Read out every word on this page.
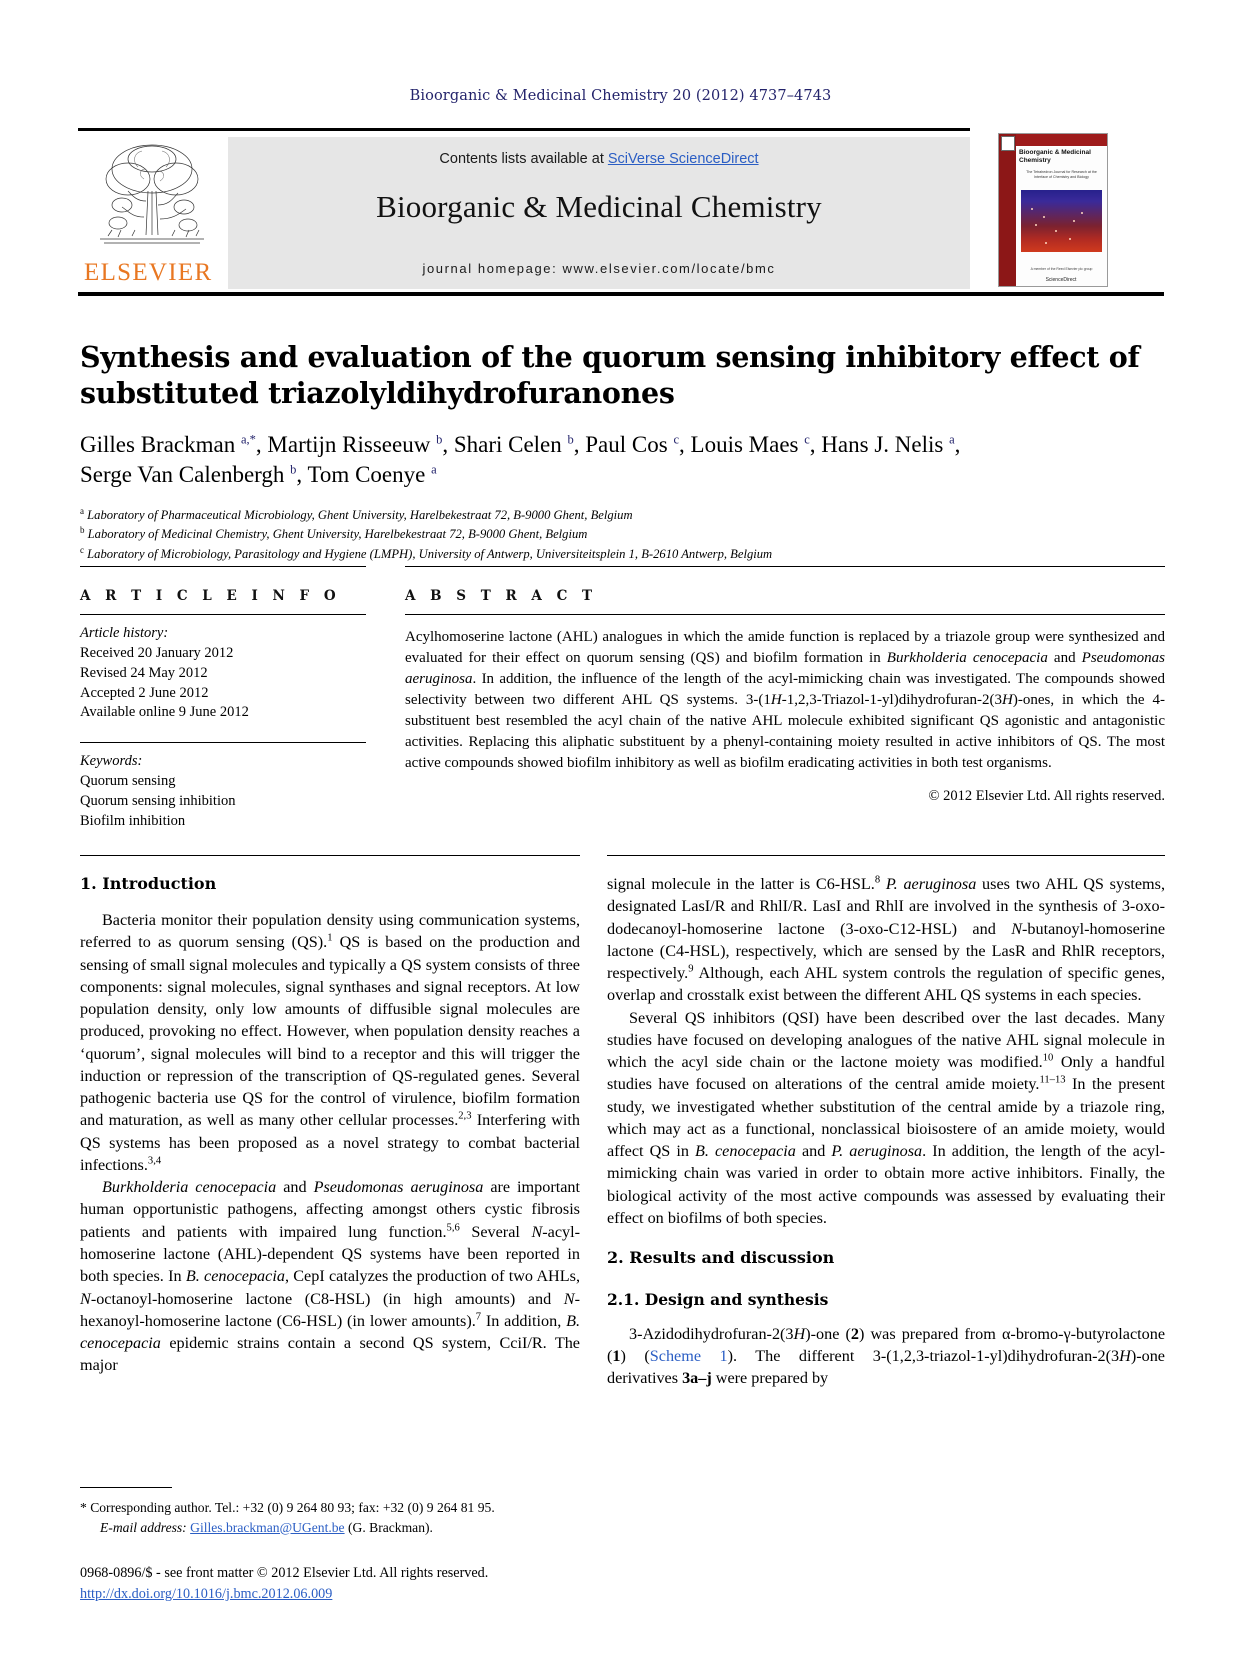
Bioorganic & Medicinal Chemistry 20 (2012) 4737–4743
ELSEVIER
Contents lists available at SciVerse ScienceDirect
Bioorganic & Medicinal Chemistry
journal homepage: www.elsevier.com/locate/bmc
Bioorganic & Medicinal Chemistry
The Tetrahedron Journal for Research at the Interface of Chemistry and Biology
A member of the Reed Elsevier plc group
ScienceDirect
Synthesis and evaluation of the quorum sensing inhibitory effect of substituted triazolyldihydrofuranones
Gilles Brackman $^{a,*}$, Martijn Risseeuw $^b$, Shari Celen $^b$, Paul Cos $^c$, Louis Maes $^c$, Hans J. Nelis $^a$,
Serge Van Calenbergh $^b$, Tom Coenye $^a$
$^a$ Laboratory of Pharmaceutical Microbiology, Ghent University, Harelbekestraat 72, B-9000 Ghent, Belgium
$^b$ Laboratory of Medicinal Chemistry, Ghent University, Harelbekestraat 72, B-9000 Ghent, Belgium
$^c$ Laboratory of Microbiology, Parasitology and Hygiene (LMPH), University of Antwerp, Universiteitsplein 1, B-2610 Antwerp, Belgium
A R T I C L E I N F O
Article history:
Received 20 January 2012
Revised 24 May 2012
Accepted 2 June 2012
Available online 9 June 2012
Keywords:
Quorum sensing
Quorum sensing inhibition
Biofilm inhibition
A B S T R A C T
Acylhomoserine lactone (AHL) analogues in which the amide function is replaced by a triazole group were synthesized and evaluated for their effect on quorum sensing (QS) and biofilm formation in Burkholderia cenocepacia and Pseudomonas aeruginosa. In addition, the influence of the length of the acyl-mimicking chain was investigated. The compounds showed selectivity between two different AHL QS systems. 3-(1H-1,2,3-Triazol-1-yl)dihydrofuran-2(3H)-ones, in which the 4-substituent best resembled the acyl chain of the native AHL molecule exhibited significant QS agonistic and antagonistic activities. Replacing this aliphatic substituent by a phenyl-containing moiety resulted in active inhibitors of QS. The most active compounds showed biofilm inhibitory as well as biofilm eradicating activities in both test organisms.
© 2012 Elsevier Ltd. All rights reserved.
1. Introduction

Bacteria monitor their population density using communication systems, referred to as quorum sensing (QS).$^1$ QS is based on the production and sensing of small signal molecules and typically a QS system consists of three components: signal molecules, signal synthases and signal receptors. At low population density, only low amounts of diffusible signal molecules are produced, provoking no effect. However, when population density reaches a ‘quorum’, signal molecules will bind to a receptor and this will trigger the induction or repression of the transcription of QS-regulated genes. Several pathogenic bacteria use QS for the control of virulence, biofilm formation and maturation, as well as many other cellular processes.$^{2,3}$ Interfering with QS systems has been proposed as a novel strategy to combat bacterial infections.$^{3,4}$

Burkholderia cenocepacia and Pseudomonas aeruginosa are important human opportunistic pathogens, affecting amongst others cystic fibrosis patients and patients with impaired lung function.$^{5,6}$ Several N-acyl-homoserine lactone (AHL)-dependent QS systems have been reported in both species. In B. cenocepacia, CepI catalyzes the production of two AHLs, N-octanoyl-homoserine lactone (C8-HSL) (in high amounts) and N-hexanoyl-homoserine lactone (C6-HSL) (in lower amounts).$^7$ In addition, B. cenocepacia epidemic strains contain a second QS system, CciI/R. The major

signal molecule in the latter is C6-HSL.$^8$ P. aeruginosa uses two AHL QS systems, designated LasI/R and RhlI/R. LasI and RhlI are involved in the synthesis of 3-oxo-dodecanoyl-homoserine lactone (3-oxo-C12-HSL) and N-butanoyl-homoserine lactone (C4-HSL), respectively, which are sensed by the LasR and RhlR receptors, respectively.$^9$ Although, each AHL system controls the regulation of specific genes, overlap and crosstalk exist between the different AHL QS systems in each species.

Several QS inhibitors (QSI) have been described over the last decades. Many studies have focused on developing analogues of the native AHL signal molecule in which the acyl side chain or the lactone moiety was modified.$^{10}$ Only a handful studies have focused on alterations of the central amide moiety.$^{11-13}$ In the present study, we investigated whether substitution of the central amide by a triazole ring, which may act as a functional, nonclassical bioisostere of an amide moiety, would affect QS in B. cenocepacia and P. aeruginosa. In addition, the length of the acyl-mimicking chain was varied in order to obtain more active inhibitors. Finally, the biological activity of the most active compounds was assessed by evaluating their effect on biofilms of both species.

2. Results and discussion
2.1. Design and synthesis

3-Azidodihydrofuran-2(3H)-one (2) was prepared from α-bromo-γ-butyrolactone (1) (Scheme 1). The different 3-(1,2,3-triazol-1-yl)dihydrofuran-2(3H)-one derivatives 3a–j were prepared by

* Corresponding author. Tel.: +32 (0) 9 264 80 93; fax: +32 (0) 9 264 81 95.
E-mail address: Gilles.brackman@UGent.be (G. Brackman).
0968-0896/$ - see front matter © 2012 Elsevier Ltd. All rights reserved.
http://dx.doi.org/10.1016/j.bmc.2012.06.009
